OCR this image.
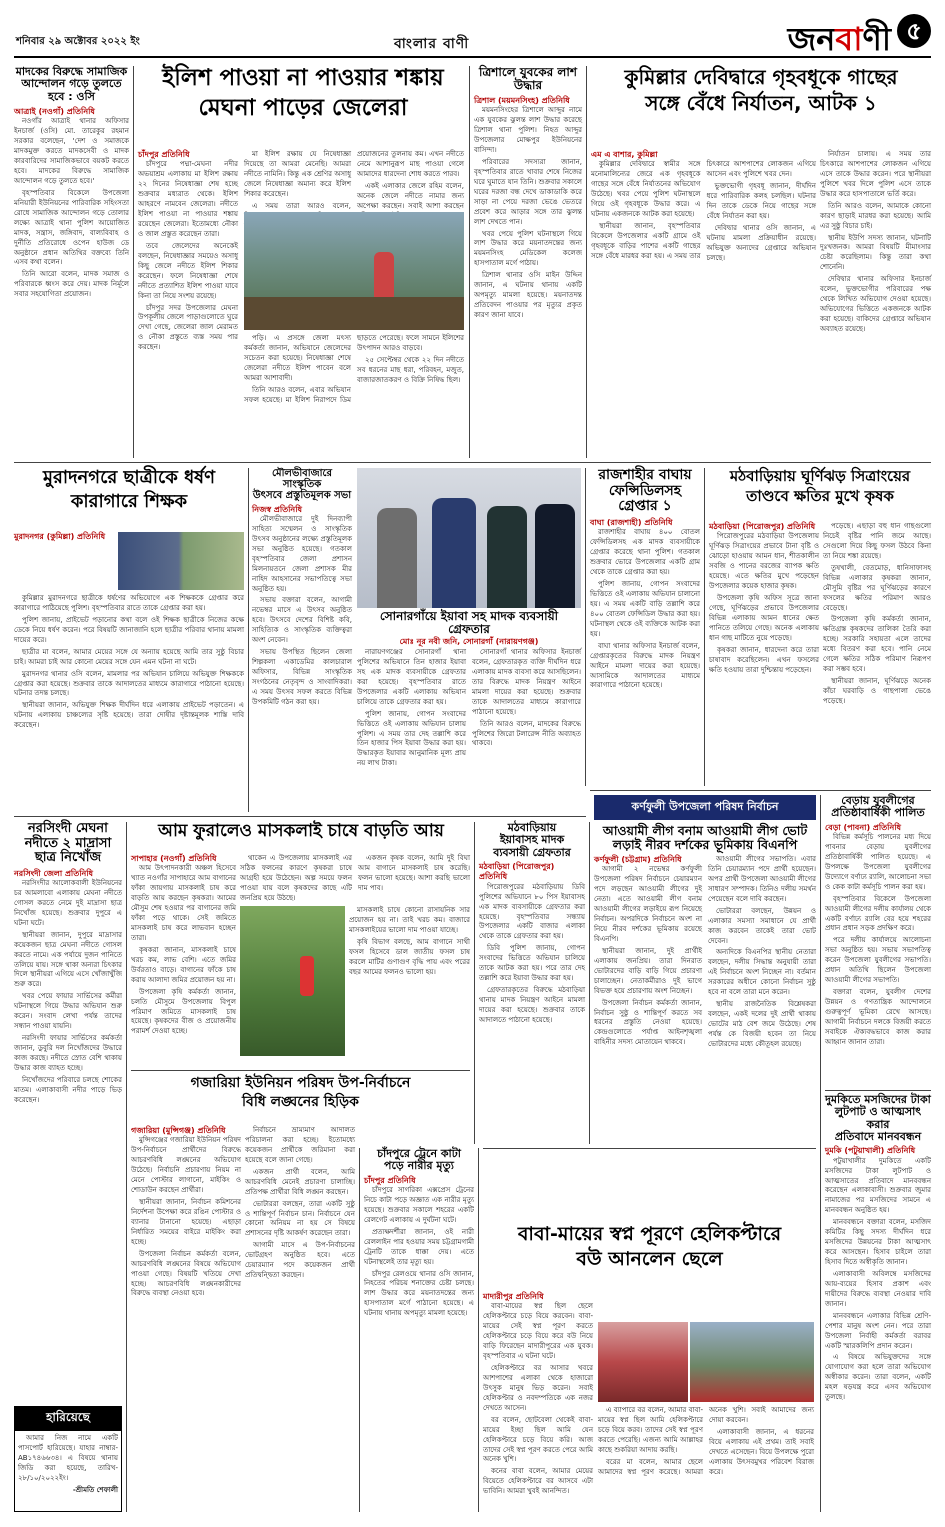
শনিবার ২৯ অক্টোবর ২০২২ ইং	বাংলার বাণী	জনবাণী ৫
মাদকের বিরুদ্ধে সামাজিক আন্দোলন গড়ে তুলতে হবে : ওসি
আত্রাই (নওগাঁ) প্রতিনিধি

নওগাঁর আত্রাই থানার অফিসার ইনচার্জ (ওসি) মো. তারেকুর রহমান সরকার বলেছেন, 'দেশ ও সমাজকে মাদকমুক্ত করতে মাদকসেবী ও মাদক কারবারিদের সামাজিকভাবে বয়কট করতে হবে। মাদকের বিরুদ্ধে সামাজিক আন্দোলন গড়ে তুলতে হবে।'

বৃহস্পতিবার বিকেলে উপজেলা মনিয়ারী ইউনিয়নের পারিবারিক সহিংসতা রোধে সামাজিক আন্দোলন গড়ে তোলার লক্ষ্যে আত্রাই থানা পুলিশ আয়োজিত মাদক, সন্ত্রাস, জঙ্গিবাদ, বাল্যবিবাহ ও দুর্নীতি প্রতিরোধে ওপেন হাউজ ডে অনুষ্ঠানে প্রধান অতিথির বক্তব্যে তিনি এসব কথা বলেন।

তিনি আরো বলেন, মাদক সমাজ ও পরিবারকে ধ্বংস করে দেয়। মাদক নির্মূলে সবার সহযোগিতা প্রয়োজন।

ইলিশ পাওয়া না পাওয়ার শঙ্কায়
মেঘনা পাড়ের জেলেরা
চাঁদপুর প্রতিনিধি

চাঁদপুরে পদ্মা-মেঘনা নদীর অভয়াশ্রম এলাকায় মা ইলিশ রক্ষায় ২২ দিনের নিষেধাজ্ঞা শেষ হচ্ছে শুক্রবার মধ্যরাত থেকে। ইলিশ আহরণে নামবেন জেলেরা। নদীতে ইলিশ পাওয়া না পাওয়ার শঙ্কায় রয়েছেন জেলেরা। ইতোমধ্যে নৌকা ও জাল প্রস্তুত করেছেন তারা।

তবে জেলেদের অনেকেই বলছেন, নিষেধাজ্ঞার সময়েও অসাধু কিছু জেলে নদীতে ইলিশ শিকার করেছেন। ফলে নিষেধাজ্ঞা শেষে নদীতে প্রত্যাশিত ইলিশ পাওয়া যাবে কিনা তা নিয়ে সংশয় রয়েছে।

চাঁদপুর সদর উপজেলার মেঘনা উপকূলীয় জেলে পাড়াগুলোতে ঘুরে দেখা গেছে, জেলেরা জাল মেরামত ও নৌকা প্রস্তুতে ব্যস্ত সময় পার করছেন।

মা ইলিশ রক্ষায় যে নিষেধাজ্ঞা দিয়েছে তা আমরা মেনেছি। আমরা নদীতে নামিনি। কিন্তু এক শ্রেণির অসাধু জেলে নিষেধাজ্ঞা অমান্য করে ইলিশ শিকার করেছেন।

এ সময় তারা আরও বলেন, প্রয়োজনের তুলনায় কম। এখন নদীতে নেমে আশানুরূপ মাছ পাওয়া গেলে আমাদের ধারদেনা শোধ করতে পারব।

একই এলাকার জেলে রহিম বলেন, অনেক জেলে নদীতে নামার জন্য অপেক্ষা করছেন। সবাই আশা করছেন

পড়ি। এ প্রসঙ্গে জেলা মৎস্য কর্মকর্তা জানান, অভিযানে জেলেদের সচেতন করা হয়েছে। নিষেধাজ্ঞা শেষে জেলেরা নদীতে ইলিশ পাবেন বলে আমরা আশাবাদী।

তিনি আরও বলেন, এবার অভিযান সফল হয়েছে। মা ইলিশ নিরাপদে ডিম ছাড়তে পেরেছে। ফলে সামনে ইলিশের উৎপাদন আরও বাড়বে।

২৫ সেপ্টেম্বর থেকে ২২ দিন নদীতে সব ধরনের মাছ ধরা, পরিবহন, মজুত, বাজারজাতকরণ ও বিক্রি নিষিদ্ধ ছিল।

ত্রিশালে যুবকের লাশ উদ্ধার
ত্রিশাল (ময়মনসিংহ) প্রতিনিধি

ময়মনসিংহের ত্রিশালে আব্দুর নামে এক যুবকের ঝুলন্ত লাশ উদ্ধার করেছে ত্রিশাল থানা পুলিশ। নিহত আব্দুর উপজেলার মোক্ষপুর ইউনিয়নের বাসিন্দা।

পরিবারের সদস্যরা জানান, বৃহস্পতিবার রাতে খাবার শেষে নিজের ঘরে ঘুমাতে যান তিনি। শুক্রবার সকালে ঘরের দরজা বন্ধ দেখে ডাকাডাকি করে সাড়া না পেয়ে দরজা ভেঙে ভেতরে প্রবেশ করে আড়ার সঙ্গে তার ঝুলন্ত লাশ দেখতে পান।

খবর পেয়ে পুলিশ ঘটনাস্থলে গিয়ে লাশ উদ্ধার করে ময়নাতদন্তের জন্য ময়মনসিংহ মেডিকেল কলেজ হাসপাতাল মর্গে পাঠায়।

ত্রিশাল থানার ওসি মাইন উদ্দিন জানান, এ ঘটনায় থানায় একটি অপমৃত্যু মামলা হয়েছে। ময়নাতদন্ত প্রতিবেদন পাওয়ার পর মৃত্যুর প্রকৃত কারণ জানা যাবে।

কুমিল্লার দেবিদ্বারে গৃহবধূকে গাছের
সঙ্গে বেঁধে নির্যাতন, আটক ১
এম এ বাশার, কুমিল্লা

কুমিল্লার দেবিদ্বারে স্বামীর সঙ্গে মনোমালিন্যের জেরে এক গৃহবধূকে গাছের সঙ্গে বেঁধে নির্যাতনের অভিযোগ উঠেছে। খবর পেয়ে পুলিশ ঘটনাস্থলে গিয়ে ওই গৃহবধূকে উদ্ধার করে। এ ঘটনায় একজনকে আটক করা হয়েছে।

স্থানীয়রা জানান, বৃহস্পতিবার বিকেলে উপজেলার একটি গ্রামে ওই গৃহবধূকে বাড়ির পাশের একটি গাছের সঙ্গে বেঁধে মারধর করা হয়। এ সময় তার চিৎকারে আশপাশের লোকজন এগিয়ে আসেন এবং পুলিশে খবর দেন।

ভুক্তভোগী গৃহবধূ জানান, দীর্ঘদিন ধরে পারিবারিক কলহ চলছিল। ঘটনার দিন তাকে ডেকে নিয়ে গাছের সঙ্গে বেঁধে নির্যাতন করা হয়।

দেবিদ্বার থানার ওসি জানান, এ ঘটনায় মামলা প্রক্রিয়াধীন রয়েছে। অভিযুক্ত অন্যদের গ্রেপ্তারে অভিযান চলছে।

নির্যাতন চালায়। এ সময় তার চিৎকারে আশপাশের লোকজন এগিয়ে এসে তাকে উদ্ধার করেন। পরে স্থানীয়রা পুলিশে খবর দিলে পুলিশ এসে তাকে উদ্ধার করে হাসপাতালে ভর্তি করে।

তিনি আরও বলেন, আমাকে কোনো কারণ ছাড়াই মারধর করা হয়েছে। আমি এর সুষ্ঠু বিচার চাই।

স্থানীয় ইউপি সদস্য জানান, ঘটনাটি দুঃখজনক। আমরা বিষয়টি মীমাংসার চেষ্টা করেছিলাম। কিন্তু তারা কথা শোনেনি।

দেবিদ্বার থানার অফিসার ইনচার্জ বলেন, ভুক্তভোগীর পরিবারের পক্ষ থেকে লিখিত অভিযোগ দেওয়া হয়েছে। অভিযোগের ভিত্তিতে একজনকে আটক করা হয়েছে। বাকিদের গ্রেপ্তারে অভিযান অব্যাহত রয়েছে।

মুরাদনগরে ছাত্রীকে ধর্ষণ
কারাগারে শিক্ষক
মুরাদনগর (কুমিল্লা) প্রতিনিধি

কুমিল্লার মুরাদনগরে ছাত্রীকে ধর্ষণের অভিযোগে এক শিক্ষককে গ্রেপ্তার করে কারাগারে পাঠিয়েছে পুলিশ। বৃহস্পতিবার রাতে তাকে গ্রেপ্তার করা হয়।

পুলিশ জানায়, প্রাইভেট পড়ানোর কথা বলে ওই শিক্ষক ছাত্রীকে নিজের কক্ষে ডেকে নিয়ে ধর্ষণ করেন। পরে বিষয়টি জানাজানি হলে ছাত্রীর পরিবার থানায় মামলা দায়ের করে।

ছাত্রীর মা বলেন, আমার মেয়ের সঙ্গে যে অন্যায় হয়েছে আমি তার সুষ্ঠু বিচার চাই। আমরা চাই আর কোনো মেয়ের সঙ্গে যেন এমন ঘটনা না ঘটে।

মুরাদনগর থানার ওসি বলেন, মামলার পর অভিযান চালিয়ে অভিযুক্ত শিক্ষককে গ্রেপ্তার করা হয়েছে। শুক্রবার তাকে আদালতের মাধ্যমে কারাগারে পাঠানো হয়েছে। ঘটনার তদন্ত চলছে।

স্থানীয়রা জানান, অভিযুক্ত শিক্ষক দীর্ঘদিন ধরে এলাকায় প্রাইভেট পড়াতেন। এ ঘটনায় এলাকায় চাঞ্চল্যের সৃষ্টি হয়েছে। তারা দোষীর দৃষ্টান্তমূলক শাস্তি দাবি করেছেন।

মৌলভীবাজারে সাংস্কৃতিক
উৎসবে প্রস্তুতিমূলক সভা
নিজস্ব প্রতিনিধি

মৌলভীবাজারে দুই দিনব্যাপী সাহিত্য সম্মেলন ও সাংস্কৃতিক উৎসব অনুষ্ঠানের লক্ষ্যে প্রস্তুতিমূলক সভা অনুষ্ঠিত হয়েছে। গতকাল বৃহস্পতিবার জেলা প্রশাসন মিলনায়তনে জেলা প্রশাসক মীর নাহিদ আহসানের সভাপতিত্বে সভা অনুষ্ঠিত হয়।

সভায় বক্তারা বলেন, আগামী নভেম্বর মাসে এ উৎসব অনুষ্ঠিত হবে। উৎসবে দেশের বিশিষ্ট কবি, সাহিত্যিক ও সাংস্কৃতিক ব্যক্তিত্বরা অংশ নেবেন।

সভায় উপস্থিত ছিলেন জেলা শিল্পকলা একাডেমির কালচারাল অফিসার, বিভিন্ন সাংস্কৃতিক সংগঠনের নেতৃবৃন্দ ও সাংবাদিকরা। এ সময় উৎসব সফল করতে বিভিন্ন উপকমিটি গঠন করা হয়।

সোনারগাঁয়ে ইয়াবা সহ মাদক ব্যবসায়ী গ্রেফতার
মোঃ নূর নবী জনি, সোনারগাঁ (নারায়ণগঞ্জ)

নারায়ণগঞ্জের সোনারগাঁ থানা পুলিশের অভিযানে তিন হাজার ইয়াবা সহ এক মাদক ব্যবসায়ীকে গ্রেফতার করা হয়েছে। বৃহস্পতিবার রাতে উপজেলার একটি এলাকায় অভিযান চালিয়ে তাকে গ্রেফতার করা হয়।

পুলিশ জানায়, গোপন সংবাদের ভিত্তিতে ওই এলাকায় অভিযান চালায় পুলিশ। এ সময় তার দেহ তল্লাশি করে তিন হাজার পিস ইয়াবা উদ্ধার করা হয়। উদ্ধারকৃত ইয়াবার আনুমানিক মূল্য প্রায় নয় লাখ টাকা।

সোনারগাঁ থানার অফিসার ইনচার্জ বলেন, গ্রেফতারকৃত ব্যক্তি দীর্ঘদিন ধরে এলাকায় মাদক ব্যবসা করে আসছিলেন। তার বিরুদ্ধে মাদক নিয়ন্ত্রণ আইনে মামলা দায়ের করা হয়েছে। শুক্রবার তাকে আদালতের মাধ্যমে কারাগারে পাঠানো হয়েছে।

তিনি আরও বলেন, মাদকের বিরুদ্ধে পুলিশের জিরো টলারেন্স নীতি অব্যাহত থাকবে।

রাজশাহীর বাঘায়
ফেন্সিডিলসহ
গ্রেপ্তার ১
বাঘা (রাজশাহী) প্রতিনিধি

রাজশাহীর বাঘায় ৪০০ বোতল ফেন্সিডিলসহ এক মাদক ব্যবসায়ীকে গ্রেপ্তার করেছে থানা পুলিশ। গতকাল শুক্রবার ভোরে উপজেলার একটি গ্রাম থেকে তাকে গ্রেপ্তার করা হয়।

পুলিশ জানায়, গোপন সংবাদের ভিত্তিতে ওই এলাকায় অভিযান চালানো হয়। এ সময় একটি বাড়ি তল্লাশি করে ৪০০ বোতল ফেন্সিডিল উদ্ধার করা হয়। ঘটনাস্থল থেকে ওই ব্যক্তিকে আটক করা হয়।

বাঘা থানার অফিসার ইনচার্জ বলেন, গ্রেপ্তারকৃতের বিরুদ্ধে মাদক নিয়ন্ত্রণ আইনে মামলা দায়ের করা হয়েছে। আসামিকে আদালতের মাধ্যমে কারাগারে পাঠানো হয়েছে।

মঠবাড়িয়ায় ঘূর্ণিঝড় সিত্রাংয়ের
তাণ্ডবে ক্ষতির মুখে কৃষক
মঠবাড়িয়া (পিরোজপুর) প্রতিনিধি

পিরোজপুরের মঠবাড়িয়া উপজেলায় ঘূর্ণিঝড় সিত্রাংয়ের প্রভাবে টানা বৃষ্টি ও ঝোড়ো হাওয়ায় আমন ধান, শীতকালীন সবজি ও পানের বরজের ব্যাপক ক্ষতি হয়েছে। এতে ক্ষতির মুখে পড়েছেন উপজেলার কয়েক হাজার কৃষক।

উপজেলা কৃষি অফিস সূত্রে জানা গেছে, ঘূর্ণিঝড়ের প্রভাবে উপজেলার বিভিন্ন এলাকায় আমন ধানের ক্ষেত পানিতে তলিয়ে গেছে। অনেক এলাকায় ধান গাছ মাটিতে নুয়ে পড়েছে।

কৃষকরা জানান, ধারদেনা করে তারা চাষাবাদ করেছিলেন। এখন ফসলের ক্ষতি হওয়ায় তারা দুশ্চিন্তায় পড়েছেন।

পড়েছে। এছাড়া বহু ধান গাছগুলো নিচেই বৃষ্টির পানি জমে আছে। সেগুলো দিয়ে কিছু ফসল উঠবে কিনা তা নিয়ে শঙ্কা রয়েছে।

তুষখালী, বেতমোড়, ধানিসাফাসহ বিভিন্ন এলাকার কৃষকরা জানান, মৌসুমি বৃষ্টির পর ঘূর্ণিঝড়ের কারণে ফসলের ক্ষতির পরিমাণ আরও বেড়েছে।

উপজেলা কৃষি কর্মকর্তা জানান, ক্ষতিগ্রস্ত কৃষকদের তালিকা তৈরি করা হচ্ছে। সরকারি সহায়তা এলে তাদের মধ্যে বিতরণ করা হবে। পানি নেমে গেলে ক্ষতির সঠিক পরিমাণ নিরূপণ করা সম্ভব হবে।

স্থানীয়রা জানান, ঘূর্ণিঝড়ে অনেক কাঁচা ঘরবাড়ি ও গাছপালা ভেঙে পড়েছে।

নরসিংদী মেঘনা
নদীতে ২ মাদ্রাসা
ছাত্র নিখোঁজ
নরসিংদী জেলা প্রতিনিধি

নরসিংদীর আলোকবালী ইউনিয়নের চর আমলাবো এলাকায় মেঘনা নদীতে গোসল করতে নেমে দুই মাদ্রাসা ছাত্র নিখোঁজ হয়েছে। শুক্রবার দুপুরে এ ঘটনা ঘটে।

স্থানীয়রা জানান, দুপুরে মাদ্রাসার কয়েকজন ছাত্র মেঘনা নদীতে গোসল করতে নামে। এক পর্যায়ে দুজন পানিতে তলিয়ে যায়। সঙ্গে থাকা অন্যরা চিৎকার দিলে স্থানীয়রা এগিয়ে এসে খোঁজাখুঁজি শুরু করে।

খবর পেয়ে ফায়ার সার্ভিসের কর্মীরা ঘটনাস্থলে গিয়ে উদ্ধার অভিযান শুরু করেন। সংবাদ লেখা পর্যন্ত তাদের সন্ধান পাওয়া যায়নি।

নরসিংদী ফায়ার সার্ভিসের কর্মকর্তা জানান, ডুবুরি দল নিখোঁজদের উদ্ধারে কাজ করছে। নদীতে স্রোত বেশি থাকায় উদ্ধার কাজ ব্যাহত হচ্ছে।

নিখোঁজদের পরিবারে চলছে শোকের মাতম। এলাকাবাসী নদীর পাড়ে ভিড় করেছেন।

হারিয়েছে

আমার নিজ নামে একটি পাসপোর্ট হারিয়েছে। যাহার নাম্বার- AB১৭৪৬৬৩৪। এ বিষয়ে থানায় জিডি করা হয়েছে, তারিখ- ২৮/১০/২০২২ইং।

-শ্রীমতি শেফালী

আম ফুরালেও মাসকলাই চাষে বাড়তি আয়
সাপাহার (নওগাঁ) প্রতিনিধি

আম উৎপাদনকারী অঞ্চল হিসেবে খ্যাত নওগাঁর সাপাহারে আম বাগানের ফাঁকা জায়গায় মাসকলাই চাষ করে বাড়তি আয় করছেন কৃষকরা। আমের মৌসুম শেষ হওয়ার পর বাগানের জমি ফাঁকা পড়ে থাকে। সেই জমিতে মাসকলাই চাষ করে লাভবান হচ্ছেন তারা।

কৃষকরা জানান, মাসকলাই চাষে খরচ কম, লাভ বেশি। এতে জমির উর্বরতাও বাড়ে। বাগানের ফাঁকে চাষ করায় আলাদা জমির প্রয়োজন হয় না।

উপজেলা কৃষি কর্মকর্তা জানান, চলতি মৌসুমে উপজেলায় বিপুল পরিমাণ জমিতে মাসকলাই চাষ হয়েছে। কৃষকদের বীজ ও প্রয়োজনীয় পরামর্শ দেওয়া হচ্ছে।

থাকেন এ উপজেলায় মাসকলাই এর সঠিক ফলনের কারণে কৃষকরা চাষে আগ্রহী হয়ে উঠেছেন। অল্প সময়ে ফলন পাওয়া যায় বলে কৃষকদের কাছে এটি জনপ্রিয় হয়ে উঠছে।

একজন কৃষক বলেন, আমি দুই বিঘা আম বাগানে মাসকলাই চাষ করেছি। ফলন ভালো হয়েছে। আশা করছি ভালো দাম পাব।

মাসকলাই চাষে কোনো রাসায়নিক সার প্রয়োজন হয় না। তাই খরচ কম। বাজারে মাসকলাইয়ের ভালো দাম পাওয়া যাচ্ছে।

কৃষি বিভাগ বলছে, আম বাগানে সাথী ফসল হিসেবে ডাল জাতীয় ফসল চাষ করলে মাটির গুণাগুণ বৃদ্ধি পায় এবং পরের বছর আমের ফলনও ভালো হয়।

মঠবাড়িয়ায়
ইয়াবাসহ মাদক
ব্যবসায়ী গ্রেফতার
মঠবাড়িয়া (পিরোজপুর) প্রতিনিধি

পিরোজপুরের মঠবাড়িয়ায় ডিবি পুলিশের অভিযানে ৮০ পিস ইয়াবাসহ এক মাদক ব্যবসায়ীকে গ্রেফতার করা হয়েছে। বৃহস্পতিবার সন্ধ্যায় উপজেলার একটি বাজার এলাকা থেকে তাকে গ্রেফতার করা হয়।

ডিবি পুলিশ জানায়, গোপন সংবাদের ভিত্তিতে অভিযান চালিয়ে তাকে আটক করা হয়। পরে তার দেহ তল্লাশি করে ইয়াবা উদ্ধার করা হয়।

গ্রেফতারকৃতের বিরুদ্ধে মঠবাড়িয়া থানায় মাদক নিয়ন্ত্রণ আইনে মামলা দায়ের করা হয়েছে। শুক্রবার তাকে আদালতে পাঠানো হয়েছে।

কর্ণফুলী উপজেলা পরিষদ নির্বাচন
আওয়ামী লীগ বনাম আওয়ামী লীগ ভোট
লড়াই নীরব দর্শকের ভূমিকায় বিএনপি
কর্ণফুলী (চট্টগ্রাম) প্রতিনিধি

আগামী ২ নভেম্বর কর্ণফুলী উপজেলা পরিষদ নির্বাচনে চেয়ারম্যান পদে লড়ছেন আওয়ামী লীগের দুই নেতা। এতে আওয়ামী লীগ বনাম আওয়ামী লীগের লড়াইয়ে রূপ নিয়েছে নির্বাচন। অপরদিকে নির্বাচনে অংশ না নিয়ে নীরব দর্শকের ভূমিকায় রয়েছে বিএনপি।

স্থানীয়রা জানান, দুই প্রার্থীই এলাকায় জনপ্রিয়। তারা দিনরাত ভোটারদের বাড়ি বাড়ি গিয়ে প্রচারণা চালাচ্ছেন। নেতাকর্মীরাও দুই ভাগে বিভক্ত হয়ে প্রচারণায় অংশ নিচ্ছেন।

উপজেলা নির্বাচন কর্মকর্তা জানান, নির্বাচন সুষ্ঠু ও শান্তিপূর্ণ করতে সব ধরনের প্রস্তুতি নেওয়া হয়েছে। কেন্দ্রগুলোতে পর্যাপ্ত আইনশৃঙ্খলা বাহিনীর সদস্য মোতায়েন থাকবে।

আওয়ামী লীগের সভাপতি। এবার তিনি চেয়ারম্যান পদে প্রার্থী হয়েছেন। অপর প্রার্থী উপজেলা আওয়ামী লীগের সাধারণ সম্পাদক। তিনিও দলীয় সমর্থন পেয়েছেন বলে দাবি করছেন।

ভোটাররা বলছেন, উন্নয়ন ও এলাকার সমস্যা সমাধানে যে প্রার্থী কাজ করবেন তাকেই তারা ভোট দেবেন।

অন্যদিকে বিএনপির স্থানীয় নেতারা বলছেন, দলীয় সিদ্ধান্ত অনুযায়ী তারা এই নির্বাচনে অংশ নিচ্ছেন না। বর্তমান সরকারের অধীনে কোনো নির্বাচন সুষ্ঠু হবে না বলে তারা মনে করেন।

স্থানীয় রাজনৈতিক বিশ্লেষকরা বলছেন, একই দলের দুই প্রার্থী থাকায় ভোটের মাঠ বেশ জমে উঠেছে। শেষ পর্যন্ত কে বিজয়ী হবেন তা নিয়ে ভোটারদের মধ্যে কৌতূহল রয়েছে।

বেড়ায় যুবলীগের
প্রতিষ্ঠাবার্ষিকী পালিত
বেড়া (পাবনা) প্রতিনিধি

বিভিন্ন কর্মসূচি পালনের মধ্য দিয়ে পাবনার বেড়ায় যুবলীগের প্রতিষ্ঠাবার্ষিকী পালিত হয়েছে। এ উপলক্ষে উপজেলা যুবলীগের উদ্যোগে বর্ণাঢ্য র‍্যালি, আলোচনা সভা ও কেক কাটা কর্মসূচি পালন করা হয়।

বৃহস্পতিবার বিকেলে উপজেলা আওয়ামী লীগের দলীয় কার্যালয় থেকে একটি বর্ণাঢ্য র‍্যালি বের হয়ে শহরের প্রধান প্রধান সড়ক প্রদক্ষিণ করে।

পরে দলীয় কার্যালয়ে আলোচনা সভা অনুষ্ঠিত হয়। সভায় সভাপতিত্ব করেন উপজেলা যুবলীগের সভাপতি। প্রধান অতিথি ছিলেন উপজেলা আওয়ামী লীগের সভাপতি।

বক্তারা বলেন, যুবলীগ দেশের উন্নয়ন ও গণতান্ত্রিক আন্দোলনে গুরুত্বপূর্ণ ভূমিকা রেখে আসছে। আগামী নির্বাচনে দলকে বিজয়ী করতে সবাইকে ঐক্যবদ্ধভাবে কাজ করার আহ্বান জানান তারা।

দুমকিতে মসজিদের টাকা
লুটপাট ও আত্মসাৎ করার
প্রতিবাদে মানববন্ধন
দুমকি (পটুয়াখালী) প্রতিনিধি

পটুয়াখালীর দুমকিতে একটি মসজিদের টাকা লুটপাট ও আত্মসাতের প্রতিবাদে মানববন্ধন করেছেন এলাকাবাসী। শুক্রবার জুমার নামাজের পর মসজিদের সামনে এ মানববন্ধন অনুষ্ঠিত হয়।

মানববন্ধনে বক্তারা বলেন, মসজিদ কমিটির কিছু সদস্য দীর্ঘদিন ধরে মসজিদের উন্নয়নের টাকা আত্মসাৎ করে আসছেন। হিসাব চাইলে তারা হিসাব দিতে অস্বীকৃতি জানান।

এলাকাবাসী অবিলম্বে মসজিদের আয়-ব্যয়ের হিসাব প্রকাশ এবং দায়ীদের বিরুদ্ধে ব্যবস্থা নেওয়ার দাবি জানান।

মানববন্ধনে এলাকার বিভিন্ন শ্রেণি-পেশার মানুষ অংশ নেন। পরে তারা উপজেলা নির্বাহী কর্মকর্তা বরাবর একটি স্মারকলিপি প্রদান করেন।

এ বিষয়ে অভিযুক্তদের সঙ্গে যোগাযোগ করা হলে তারা অভিযোগ অস্বীকার করেন। তারা বলেন, একটি মহল ষড়যন্ত্র করে এসব অভিযোগ তুলছে।

গজারিয়া ইউনিয়ন পরিষদ উপ-নির্বাচনে
বিধি লঙ্ঘনের হিড়িক
গজারিয়া (মুন্সিগঞ্জ) প্রতিনিধি

মুন্সিগঞ্জের গজারিয়া ইউনিয়ন পরিষদ উপ-নির্বাচনে প্রার্থীদের বিরুদ্ধে আচরণবিধি লঙ্ঘনের অভিযোগ উঠেছে। নির্বাচনি প্রচারণায় নিয়ম না মেনে পোস্টার লাগানো, মাইকিং ও শোডাউন করছেন প্রার্থীরা।

স্থানীয়রা জানান, নির্বাচন কমিশনের নির্দেশনা উপেক্ষা করে রঙিন পোস্টার ও ব্যানার টানানো হয়েছে। এছাড়া নির্ধারিত সময়ের বাইরে মাইকিং করা হচ্ছে।

উপজেলা নির্বাচন কর্মকর্তা বলেন, আচরণবিধি লঙ্ঘনের বিষয়ে অভিযোগ পাওয়া গেছে। বিষয়টি খতিয়ে দেখা হচ্ছে। আচরণবিধি লঙ্ঘনকারীদের বিরুদ্ধে ব্যবস্থা নেওয়া হবে।

নির্বাচনে ভ্রাম্যমাণ আদালত পরিচালনা করা হচ্ছে। ইতোমধ্যে কয়েকজন প্রার্থীকে জরিমানা করা হয়েছে বলে জানা গেছে।

একজন প্রার্থী বলেন, আমি আচরণবিধি মেনেই প্রচারণা চালাচ্ছি। প্রতিপক্ষ প্রার্থীরা বিধি লঙ্ঘন করছেন।

ভোটাররা বলছেন, তারা একটি সুষ্ঠু ও শান্তিপূর্ণ নির্বাচন চান। নির্বাচনে যেন কোনো অনিয়ম না হয় সে বিষয়ে প্রশাসনের দৃষ্টি আকর্ষণ করেছেন তারা।

আগামী মাসে এ উপ-নির্বাচনের ভোটগ্রহণ অনুষ্ঠিত হবে। এতে চেয়ারম্যান পদে কয়েকজন প্রার্থী প্রতিদ্বন্দ্বিতা করছেন।

চাঁদপুরে ট্রেনে কাটা
পড়ে নারীর মৃত্যু
চাঁদপুর প্রতিনিধি

চাঁদপুরে সাগরিকা এক্সপ্রেস ট্রেনের নিচে কাটা পড়ে অজ্ঞাত এক নারীর মৃত্যু হয়েছে। শুক্রবার সকালে শহরের একটি রেলগেট এলাকায় এ দুর্ঘটনা ঘটে।

প্রত্যক্ষদর্শীরা জানান, ওই নারী রেললাইন পার হওয়ার সময় চট্টগ্রামগামী ট্রেনটি তাকে ধাক্কা দেয়। এতে ঘটনাস্থলেই তার মৃত্যু হয়।

চাঁদপুর রেলওয়ে থানার ওসি জানান, নিহতের পরিচয় শনাক্তের চেষ্টা চলছে। লাশ উদ্ধার করে ময়নাতদন্তের জন্য হাসপাতাল মর্গে পাঠানো হয়েছে। এ ঘটনায় থানায় অপমৃত্যু মামলা হয়েছে।

বাবা-মায়ের স্বপ্ন পূরণে হেলিকপ্টারে
বউ আনলেন ছেলে
মাদারীপুর প্রতিনিধি

বাবা-মায়ের স্বপ্ন ছিল ছেলে হেলিকপ্টারে চড়ে বিয়ে করবেন। বাবা-মায়ের সেই স্বপ্ন পূরণ করতে হেলিকপ্টারে চড়ে বিয়ে করে বউ নিয়ে বাড়ি ফিরেছেন মাদারীপুরের এক যুবক। বৃহস্পতিবার এ ঘটনা ঘটে।

হেলিকপ্টারে বর আসার খবরে আশপাশের এলাকা থেকে হাজারো উৎসুক মানুষ ভিড় করেন। সবাই হেলিকপ্টার ও নবদম্পতিকে এক নজর দেখতে আসেন।

বর বলেন, ছোটবেলা থেকেই বাবা-মায়ের ইচ্ছা ছিল আমি যেন হেলিকপ্টারে চড়ে বিয়ে করি। আজ তাদের সেই স্বপ্ন পূরণ করতে পেরে আমি অনেক খুশি।

কনের বাবা বলেন, আমার মেয়ের বিয়েতে হেলিকপ্টারে বর আসবে এটা ভাবিনি। আমরা খুবই আনন্দিত।

এ ব্যাপারে বর বলেন, আমার বাবা-মায়ের স্বপ্ন ছিল আমি হেলিকপ্টারে চড়ে বিয়ে করব। তাদের সেই স্বপ্ন পূরণ করতে পেরেছি। এজন্য আমি আল্লাহর কাছে শুকরিয়া আদায় করছি।

বরের মা বলেন, আমার ছেলে আমাদের স্বপ্ন পূরণ করেছে। আমরা অনেক খুশি। সবাই আমাদের জন্য দোয়া করবেন।

এলাকাবাসী জানান, এ ধরনের বিয়ে এলাকায় এই প্রথম। তাই সবাই দেখতে এসেছেন। বিয়ে উপলক্ষে পুরো এলাকায় উৎসবমুখর পরিবেশ বিরাজ করে।
